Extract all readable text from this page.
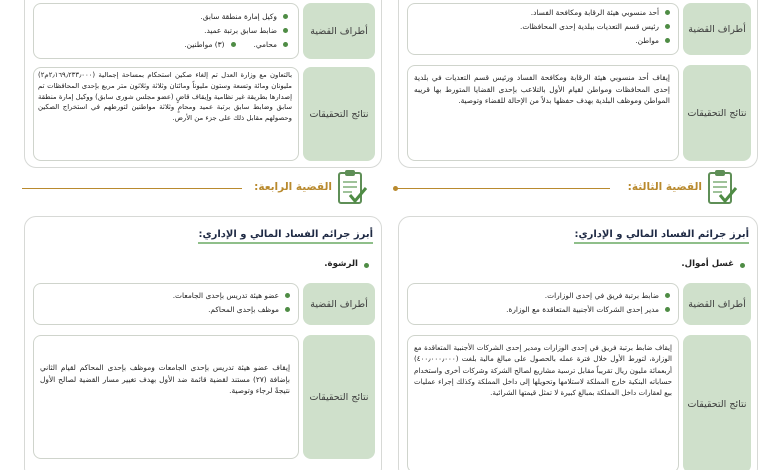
أطراف القضية
أحد منسوبي هيئة الرقابة ومكافحة الفساد.
رئيس قسم التعديات ببلدية إحدى المحافظات.
مواطن.
نتائج التحقيقات
إيقاف أحد منسوبي هيئة الرقابة ومكافحة الفساد ورئيس قسم التعديات في بلدية إحدى المحافظات ومواطن لقيام الأول بالتلاعب بإحدى القضايا المتورط بها قريبه المواطن وموظف البلدية بهدف حفظها بدلاً من الإحالة للقضاء وتوصية.
أطراف القضية
وكيل إمارة منطقة سابق.
ضابط سابق برتبة عميد.
محامي.
(٣) مواطنين.
نتائج التحقيقات
بالتعاون مع وزارة العدل تم إلغاء صكين استحكام بمساحة إجمالية (٢٫١٦٩٫٢٣٣٫٠٠٠م٢) مليونان ومائة وتسعة وستون مليوناً ومائتان وثلاثة وثلاثون متر مربع بإحدى المحافظات تم إصدارها بطريقة غير نظامية وإيقاف قاضٍ (عضو مجلس شورى سابق) ووكيل إمارة منطقة سابق وضابط سابق برتبة عميد ومحامٍ وثلاثة مواطنين لتورطهم في استخراج الصكين وحصولهم مقابل ذلك على جزء من الأرض.
القضية الثالثة:
القضية الرابعة:
أبرز جرائم الفساد المالي و الإداري:
غسل أموال.
أطراف القضية
ضابط برتبة فريق في إحدى الوزارات.
مدير إحدى الشركات الأجنبية المتعاقدة مع الوزارة.
نتائج التحقيقات
إيقاف ضابط برتبة فريق في إحدى الوزارات ومدير إحدى الشركات الأجنبية المتعاقدة مع الوزارة، لتورط الأول خلال فترة عمله بالحصول على مبالغ مالية بلغت (٤٠٠٫٠٠٠٫٠٠٠) أربعمائة مليون ريال تقريباً مقابل ترسية مشاريع لصالح الشركة وشركات أخرى واستخدام حساباته البنكية خارج المملكة لاستلامها وتحويلها إلى داخل المملكة وكذلك إجراء عمليات بيع لعقارات داخل المملكة بمبالغ كبيرة لا تمثل قيمتها الشرائية.
أبرز جرائم الفساد المالي و الإداري:
الرشوة.
أطراف القضية
عضو هيئة تدريس بإحدى الجامعات.
موظف بإحدى المحاكم.
نتائج التحقيقات
إيقاف عضو هيئة تدريس بإحدى الجامعات وموظف بإحدى المحاكم لقيام الثاني بإضافة (٢٧) مستند لقضية قائمة ضد الأول بهدف تغيير مسار القضية لصالح الأول نتيجةً لرجاء وتوصية.
